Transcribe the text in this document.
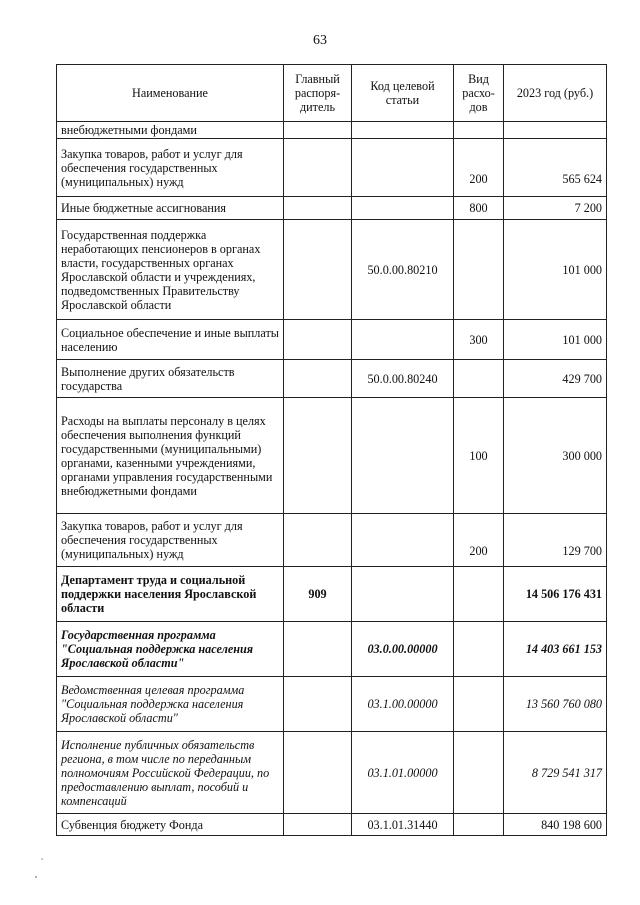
63
Наименование	Главный распоря-дитель	Код целевой статьи	Вид расхо-дов	2023 год (руб.)
внебюджетными фондами				
Закупка товаров, работ и услуг для обеспечения государственных (муниципальных) нужд			200	565 624
Иные бюджетные ассигнования			800	7 200
Государственная поддержка неработающих пенсионеров в органах власти, государственных органах Ярославской области и учреждениях, подведомственных Правительству Ярославской области		50.0.00.80210		101 000
Социальное обеспечение и иные выплаты населению			300	101 000
Выполнение других обязательств государства		50.0.00.80240		429 700
Расходы на выплаты персоналу в целях обеспечения выполнения функций государственными (муниципальными) органами, казенными учреждениями, органами управления государственными внебюджетными фондами			100	300 000
Закупка товаров, работ и услуг для обеспечения государственных (муниципальных) нужд			200	129 700
Департамент труда и социальной поддержки населения Ярославской области	909			14 506 176 431
Государственная программа "Социальная поддержка населения Ярославской области"		03.0.00.00000		14 403 661 153
Ведомственная целевая программа "Социальная поддержка населения Ярославской области"		03.1.00.00000		13 560 760 080
Исполнение публичных обязательств региона, в том числе по переданным полномочиям Российской Федерации, по предоставлению выплат, пособий и компенсаций		03.1.01.00000		8 729 541 317
Субвенция бюджету Фонда		03.1.01.31440		840 198 600
